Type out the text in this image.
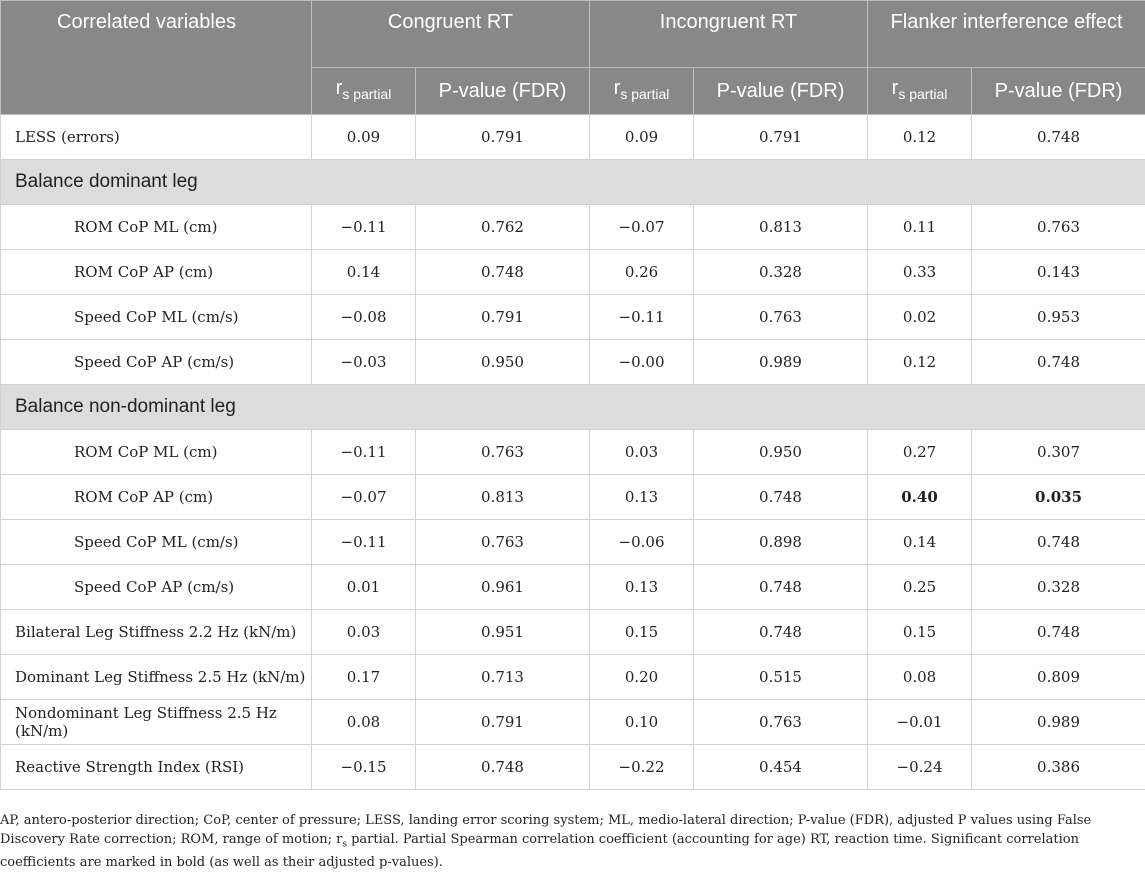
Correlated variables	Congruent RT		Incongruent RT		Flanker interference effect	
	$r_{s partial}$	P-value (FDR)	$r_{s partial}$	P-value (FDR)	$r_{s partial}$	P-value (FDR)
LESS (errors)	0.09	0.791	0.09	0.791	0.12	0.748
Balance dominant leg						
ROM CoP ML (cm)	−0.11	0.762	−0.07	0.813	0.11	0.763
ROM CoP AP (cm)	0.14	0.748	0.26	0.328	0.33	0.143
Speed CoP ML (cm/s)	−0.08	0.791	−0.11	0.763	0.02	0.953
Speed CoP AP (cm/s)	−0.03	0.950	−0.00	0.989	0.12	0.748
Balance non-dominant leg						
ROM CoP ML (cm)	−0.11	0.763	0.03	0.950	0.27	0.307
ROM CoP AP (cm)	−0.07	0.813	0.13	0.748	0.40	0.035
Speed CoP ML (cm/s)	−0.11	0.763	−0.06	0.898	0.14	0.748
Speed CoP AP (cm/s)	0.01	0.961	0.13	0.748	0.25	0.328
Bilateral Leg Stiffness 2.2 Hz (kN/m)	0.03	0.951	0.15	0.748	0.15	0.748
Dominant Leg Stiffness 2.5 Hz (kN/m)	0.17	0.713	0.20	0.515	0.08	0.809
Nondominant Leg Stiffness 2.5 Hz (kN/m)	0.08	0.791	0.10	0.763	−0.01	0.989
Reactive Strength Index (RSI)	−0.15	0.748	−0.22	0.454	−0.24	0.386
AP, antero-posterior direction; CoP, center of pressure; LESS, landing error scoring system; ML, medio-lateral direction; P-value (FDR), adjusted P values using False Discovery Rate correction; ROM, range of motion; $r_s$ partial. Partial Spearman correlation coefficient (accounting for age) RT, reaction time. Significant correlation coefficients are marked in bold (as well as their adjusted p-values).
